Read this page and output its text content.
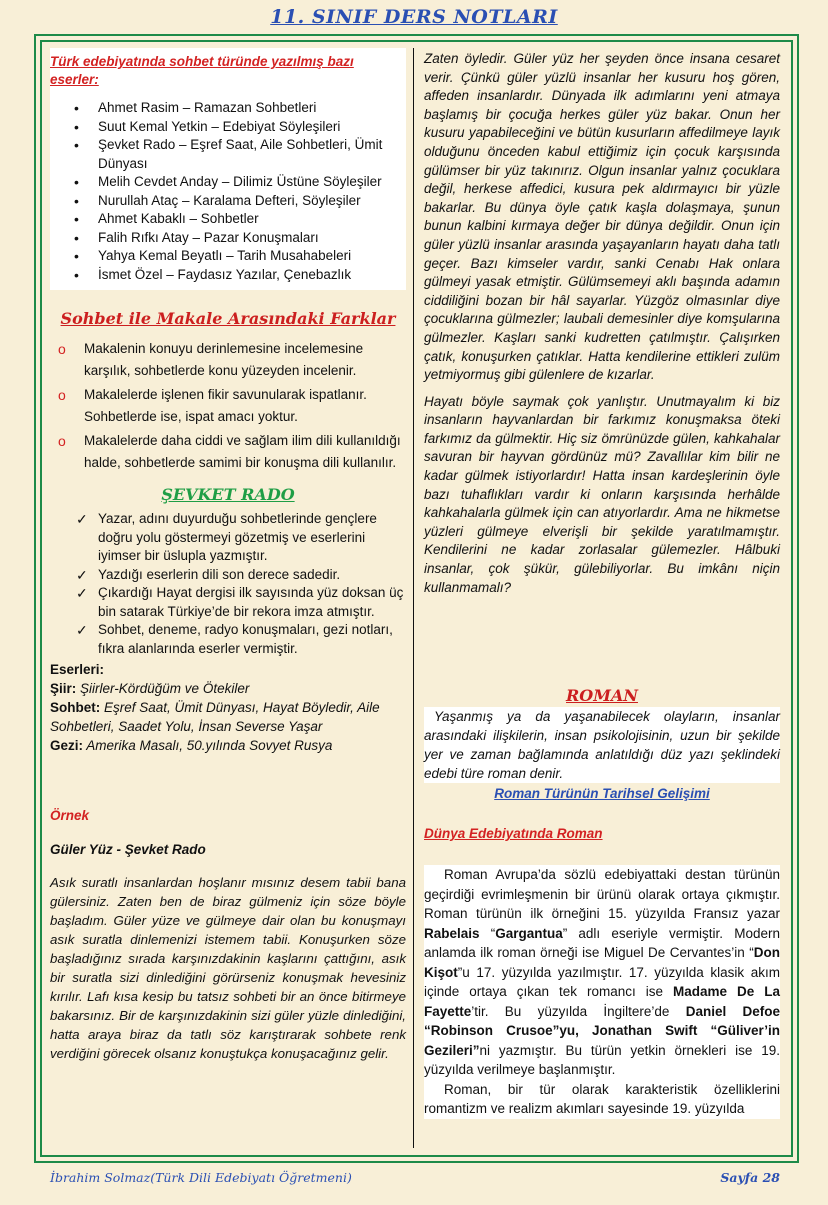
11. SINIF DERS NOTLARI
Türk edebiyatında sohbet türünde yazılmış bazı eserler:
• Ahmet Rasim – Ramazan Sohbetleri
• Suut Kemal Yetkin – Edebiyat Söyleşileri
• Şevket Rado – Eşref Saat, Aile Sohbetleri, Ümit Dünyası
• Melih Cevdet Anday – Dilimiz Üstüne Söyleşiler
• Nurullah Ataç – Karalama Defteri, Söyleşiler
• Ahmet Kabaklı – Sohbetler
• Falih Rıfkı Atay – Pazar Konuşmaları
• Yahya Kemal Beyatlı – Tarih Musahabeleri
• İsmet Özel – Faydasız Yazılar, Çenebazlık
Sohbet ile Makale Arasındaki Farklar
o Makalenin konuyu derinlemesine incelemesine karşılık, sohbetlerde konu yüzeyden incelenir.
o Makalelerde işlenen fikir savunularak ispatlanır. Sohbetlerde ise, ispat amacı yoktur.
o Makalelerde daha ciddi ve sağlam ilim dili kullanıldığı halde, sohbetlerde samimi bir konuşma dili kullanılır.
ŞEVKET RADO
✓ Yazar, adını duyurduğu sohbetlerinde gençlere doğru yolu göstermeyi gözetmiş ve eserlerini iyimser bir üslupla yazmıştır.
✓ Yazdığı eserlerin dili son derece sadedir.
✓ Çıkardığı Hayat dergisi ilk sayısında yüz doksan üç bin satarak Türkiye’de bir rekora imza atmıştır.
✓ Sohbet, deneme, radyo konuşmaları, gezi notları, fıkra alanlarında eserler vermiştir.
Eserleri:
Şiir: Şiirler-Kördüğüm ve Ötekiler
Sohbet: Eşref Saat, Ümit Dünyası, Hayat Böyledir, Aile Sohbetleri, Saadet Yolu, İnsan Severse Yaşar
Gezi: Amerika Masalı, 50.yılında Sovyet Rusya
Örnek
Güler Yüz - Şevket Rado
Asık suratlı insanlardan hoşlanır mısınız desem tabii bana gülersiniz. Zaten ben de biraz gülmeniz için söze böyle başladım. Güler yüze ve gülmeye dair olan bu konuşmayı asık suratla dinlemenizi istemem tabii. Konuşurken söze başladığınız sırada karşınızdakinin kaşlarını çattığını, asık bir suratla sizi dinlediğini görürseniz konuşmak hevesiniz kırılır. Lafı kısa kesip bu tatsız sohbeti bir an önce bitirmeye bakarsınız. Bir de karşınızdakinin sizi güler yüzle dinlediğini, hatta araya biraz da tatlı söz karıştırarak sohbete renk verdiğini görecek olsanız konuştukça konuşacağınız gelir.
Zaten öyledir. Güler yüz her şeyden önce insana cesaret verir. Çünkü güler yüzlü insanlar her kusuru hoş gören, affeden insanlardır. Dünyada ilk adımlarını yeni atmaya başlamış bir çocuğa herkes güler yüz bakar. Onun her kusuru yapabileceğini ve bütün kusurların affedilmeye layık olduğunu önceden kabul ettiğimiz için çocuk karşısında gülümser bir yüz takınırız. Olgun insanlar yalnız çocuklara değil, herkese affedici, kusura pek aldırmayıcı bir yüzle bakarlar. Bu dünya öyle çatık kaşla dolaşmaya, şunun bunun kalbini kırmaya değer bir dünya değildir. Onun için güler yüzlü insanlar arasında yaşayanların hayatı daha tatlı geçer. Bazı kimseler vardır, sanki Cenabı Hak onlara gülmeyi yasak etmiştir. Gülümsemeyi aklı başında adamın ciddiliğini bozan bir hâl sayarlar. Yüzgöz olmasınlar diye çocuklarına gülmezler; laubali demesinler diye komşularına gülmezler. Kaşları sanki kudretten çatılmıştır. Çalışırken çatık, konuşurken çatıklar. Hatta kendilerine ettikleri zulüm yetmiyormuş gibi gülenlere de kızarlar.
Hayatı böyle saymak çok yanlıştır. Unutmayalım ki biz insanların hayvanlardan bir farkımız konuşmaksa öteki farkımız da gülmektir. Hiç siz ömrünüzde gülen, kahkahalar savuran bir hayvan gördünüz mü? Zavallılar kim bilir ne kadar gülmek istiyorlardır! Hatta insan kardeşlerinin öyle bazı tuhaflıkları vardır ki onların karşısında herhâlde kahkahalarla gülmek için can atıyorlardır. Ama ne hikmetse yüzleri gülmeye elverişli bir şekilde yaratılmamıştır. Kendilerini ne kadar zorlasalar gülemezler. Hâlbuki insanlar, çok şükür, gülebiliyorlar. Bu imkânı niçin kullanmamalı?
ROMAN
Yaşanmış ya da yaşanabilecek olayların, insanlar arasındaki ilişkilerin, insan psikolojisinin, uzun bir şekilde yer ve zaman bağlamında anlatıldığı düz yazı şeklindeki edebi türe roman denir.
Roman Türünün Tarihsel Gelişimi
Dünya Edebiyatında Roman
Roman Avrupa’da sözlü edebiyattaki destan türünün geçirdiği evrimleşmenin bir ürünü olarak ortaya çıkmıştır. Roman türünün ilk örneğini 15. yüzyılda Fransız yazar Rabelais “Gargantua” adlı eseriyle vermiştir. Modern anlamda ilk roman örneği ise Miguel De Cervantes’in “Don Kişot”u 17. yüzyılda yazılmıştır. 17. yüzyılda klasik akım içinde ortaya çıkan tek romancı ise Madame De La Fayette’tir. Bu yüzyılda İngiltere’de Daniel Defoe “Robinson Crusoe”yu, Jonathan Swift “Güliver’in Gezileri”ni yazmıştır. Bu türün yetkin örnekleri ise 19. yüzyılda verilmeye başlanmıştır.
Roman, bir tür olarak karakteristik özelliklerini romantizm ve realizm akımları sayesinde 19. yüzyılda
İbrahim Solmaz(Türk Dili Edebiyatı Öğretmeni)	Sayfa 28
